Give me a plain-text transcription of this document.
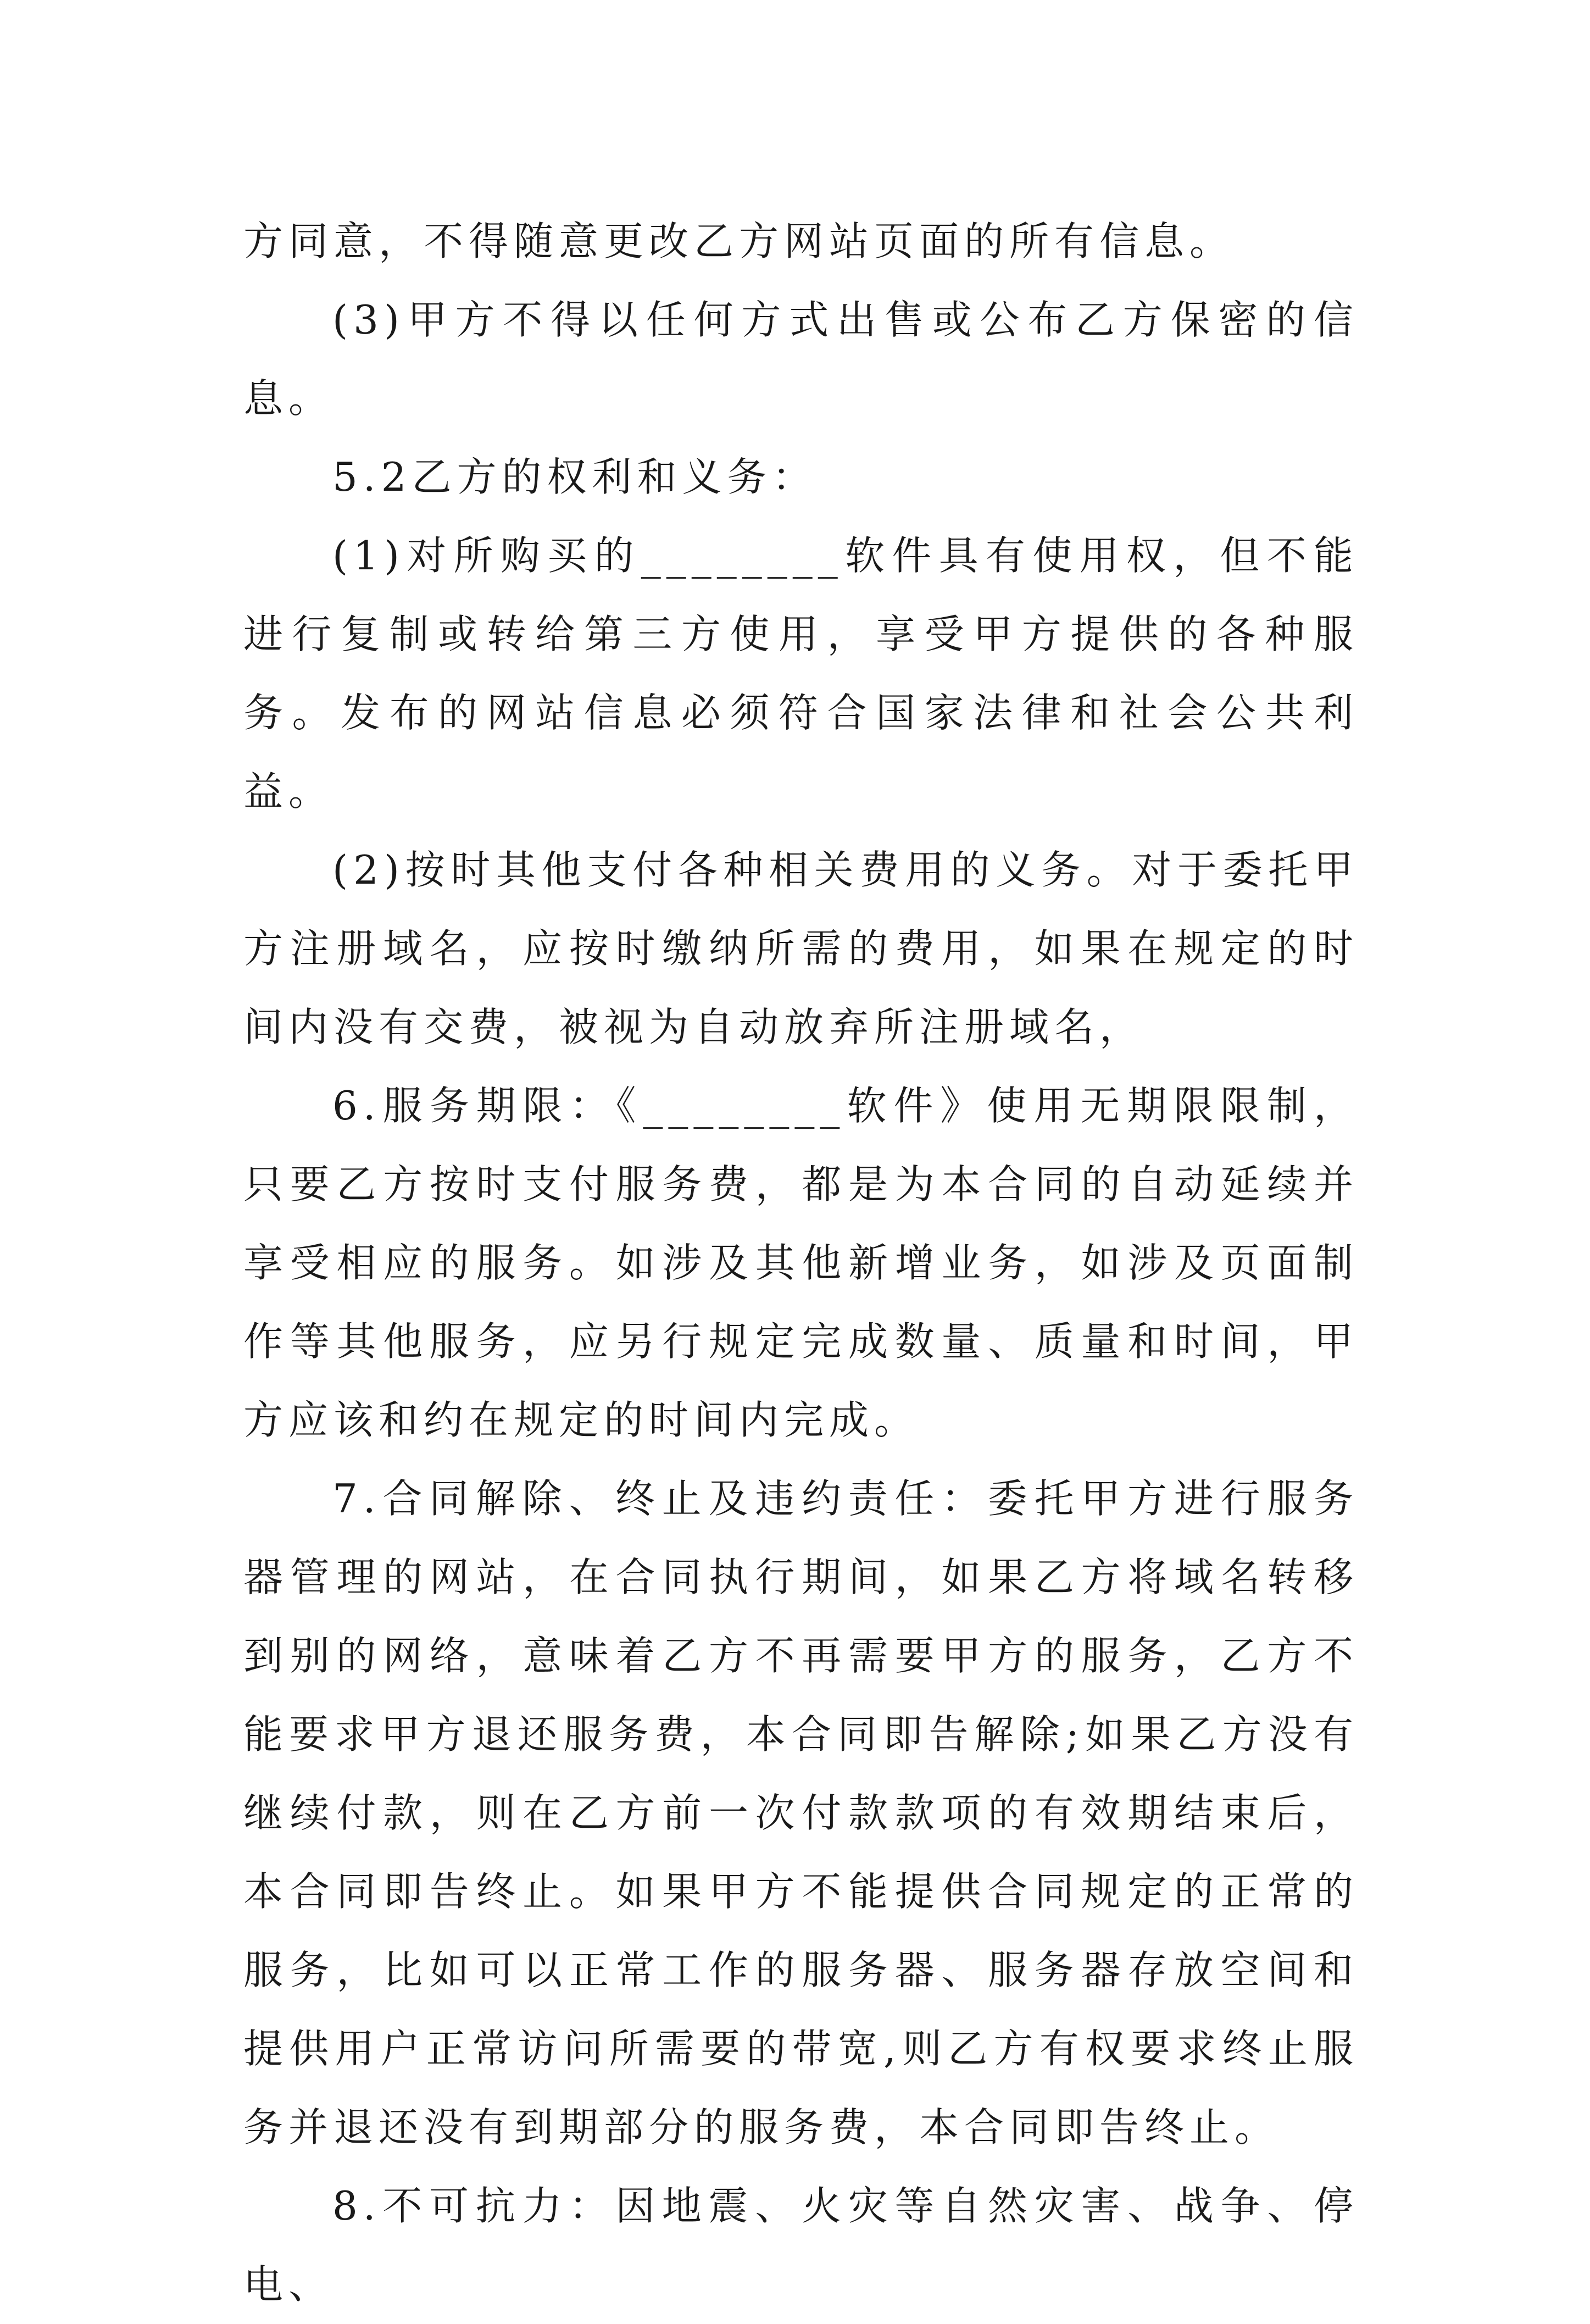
方同意，不得随意更改乙方网站页面的所有信息。

(3)甲方不得以任何方式出售或公布乙方保密的信息。

5.2乙方的权利和义务：

(1)对所购买的________软件具有使用权，但不能进行复制或转给第三方使用，享受甲方提供的各种服务。发布的网站信息必须符合国家法律和社会公共利益。

(2)按时其他支付各种相关费用的义务。对于委托甲方注册域名，应按时缴纳所需的费用，如果在规定的时间内没有交费，被视为自动放弃所注册域名，

6.服务期限：《________软件》使用无期限限制，只要乙方按时支付服务费，都是为本合同的自动延续并享受相应的服务。如涉及其他新增业务，如涉及页面制作等其他服务，应另行规定完成数量、质量和时间，甲方应该和约在规定的时间内完成。

7.合同解除、终止及违约责任：委托甲方进行服务器管理的网站，在合同执行期间，如果乙方将域名转移到别的网络，意味着乙方不再需要甲方的服务，乙方不能要求甲方退还服务费，本合同即告解除;如果乙方没有继续付款，则在乙方前一次付款款项的有效期结束后，本合同即告终止。如果甲方不能提供合同规定的正常的服务，比如可以正常工作的服务器、服务器存放空间和提供用户正常访问所需要的带宽,则乙方有权要求终止服务并退还没有到期部分的服务费，本合同即告终止。

8.不可抗力：因地震、火灾等自然灾害、战争、停电、
